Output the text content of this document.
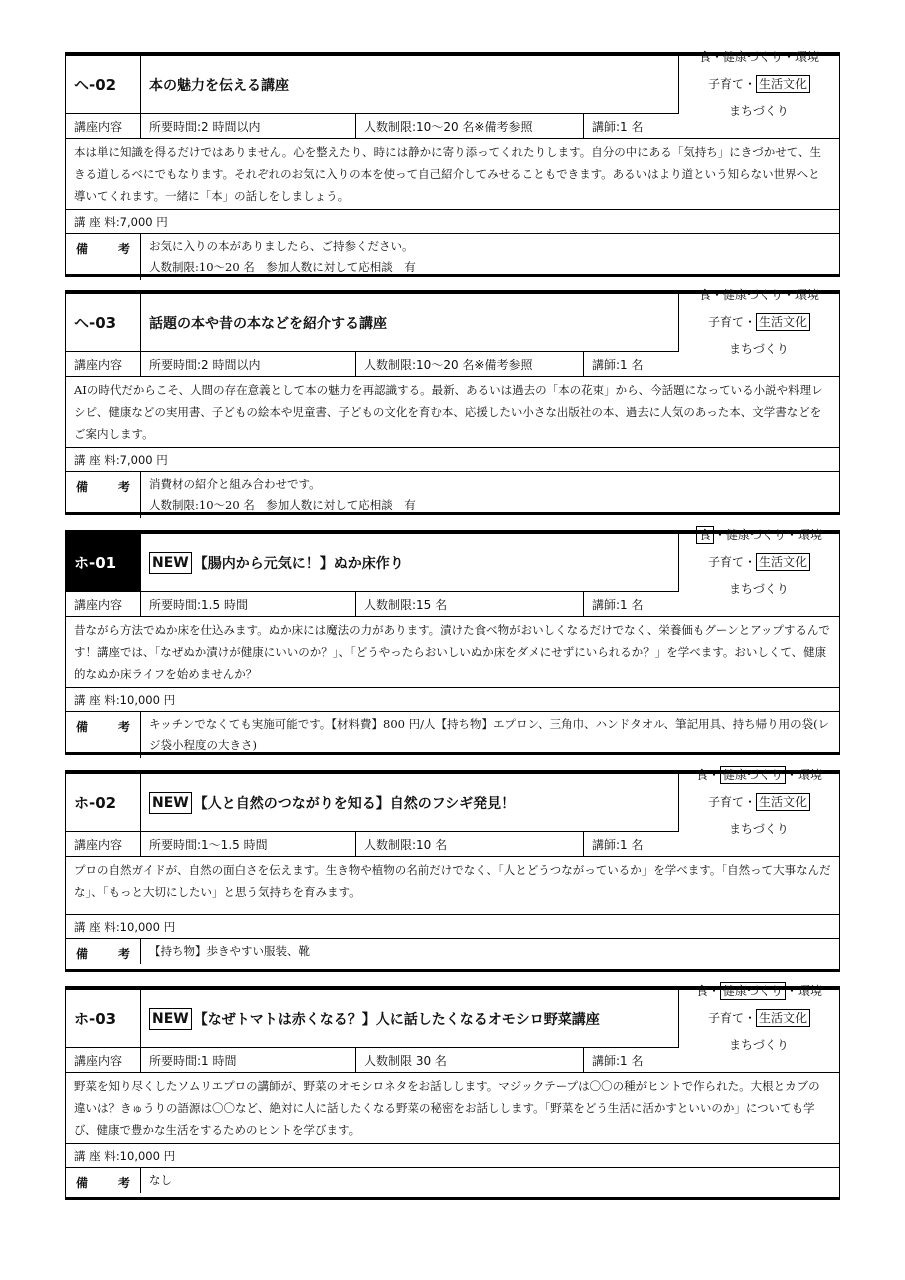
ヘ-02	本の魅力を伝える講座
食・健康づくり・環境
子育て・ 生活文化
まちづくり
講座内容	所要時間:2 時間以内	人数制限:10～20 名※備考参照	講師:1 名
本は単に知識を得るだけではありません。心を整えたり、時には静かに寄り添ってくれたりします。自分の中にある「気持ち」にきづかせて、生きる道しるべにでもなります。それぞれのお気に入りの本を使って自己紹介してみせることもできます。あるいはより道という知らない世界へと導いてくれます。一緒に「本」の話しをしましょう。
講 座 料 :7,000 円
備 考 お気に入りの本がありましたら、ご持参ください。
人数制限:10～20 名　参加人数に対して応相談　有
ヘ-03	話題の本や昔の本などを紹介する講座
食・健康づくり・環境
子育て・ 生活文化
まちづくり
講座内容	所要時間:2 時間以内	人数制限:10～20 名※備考参照	講師:1 名
AIの時代だからこそ、人間の存在意義として本の魅力を再認識する。最新、あるいは過去の「本の花束」から、今話題になっている小説や料理レシピ、健康などの実用書、子どもの絵本や児童書、子どもの文化を育む本、応援したい小さな出版社の本、過去に人気のあった本、文学書などをご案内します。
講 座 料 :7,000 円
備 考 消費材の紹介と組み合わせです。
人数制限:10～20 名　参加人数に対して応相談　有
ホ-01	NEW 【腸内から元気に！】ぬか床作り
食 ・健康づくり・環境
子育て・ 生活文化
まちづくり
講座内容	所要時間:1.5 時間	人数制限:15 名	講師:1 名
昔ながら方法でぬか床を仕込みます。ぬか床には魔法の力があります。漬けた食べ物がおいしくなるだけでなく、栄養価もグーンとアップするんです！講座では、「なぜぬか漬けが健康にいいのか？」、「どうやったらおいしいぬか床をダメにせずにいられるか？」を学べます。おいしくて、健康的なぬか床ライフを始めませんか？
講 座 料 :10,000 円
備 考 キッチンでなくても実施可能です。【材料費】800 円/人【持ち物】エプロン、三角巾、ハンドタオル、筆記用具、持ち帰り用の袋(レジ袋小程度の大きさ)
ホ-02	NEW 【人と自然のつながりを知る】自然のフシギ発見！
食・ 健康づくり ・環境
子育て・ 生活文化
まちづくり
講座内容	所要時間:1～1.5 時間	人数制限:10 名	講師:1 名
プロの自然ガイドが、自然の面白さを伝えます。生き物や植物の名前だけでなく、「人とどうつながっているか」を学べます。「自然って大事なんだな」、「もっと大切にしたい」と思う気持ちを育みます。
講 座 料 :10,000 円
備 考 【持ち物】歩きやすい服装、靴
ホ-03	NEW 【なぜトマトは赤くなる？】人に話したくなるオモシロ野菜講座
食・ 健康づくり ・環境
子育て・ 生活文化
まちづくり
講座内容	所要時間:1 時間	人数制限 30 名	講師:1 名
野菜を知り尽くしたソムリエプロの講師が、野菜のオモシロネタをお話しします。マジックテープは〇〇の種がヒントで作られた。大根とカブの違いは？きゅうりの語源は〇〇など、絶対に人に話したくなる野菜の秘密をお話しします。「野菜をどう生活に活かすといいのか」についても学び、健康で豊かな生活をするためのヒントを学びます。
講 座 料 :10,000 円
備 考 なし
